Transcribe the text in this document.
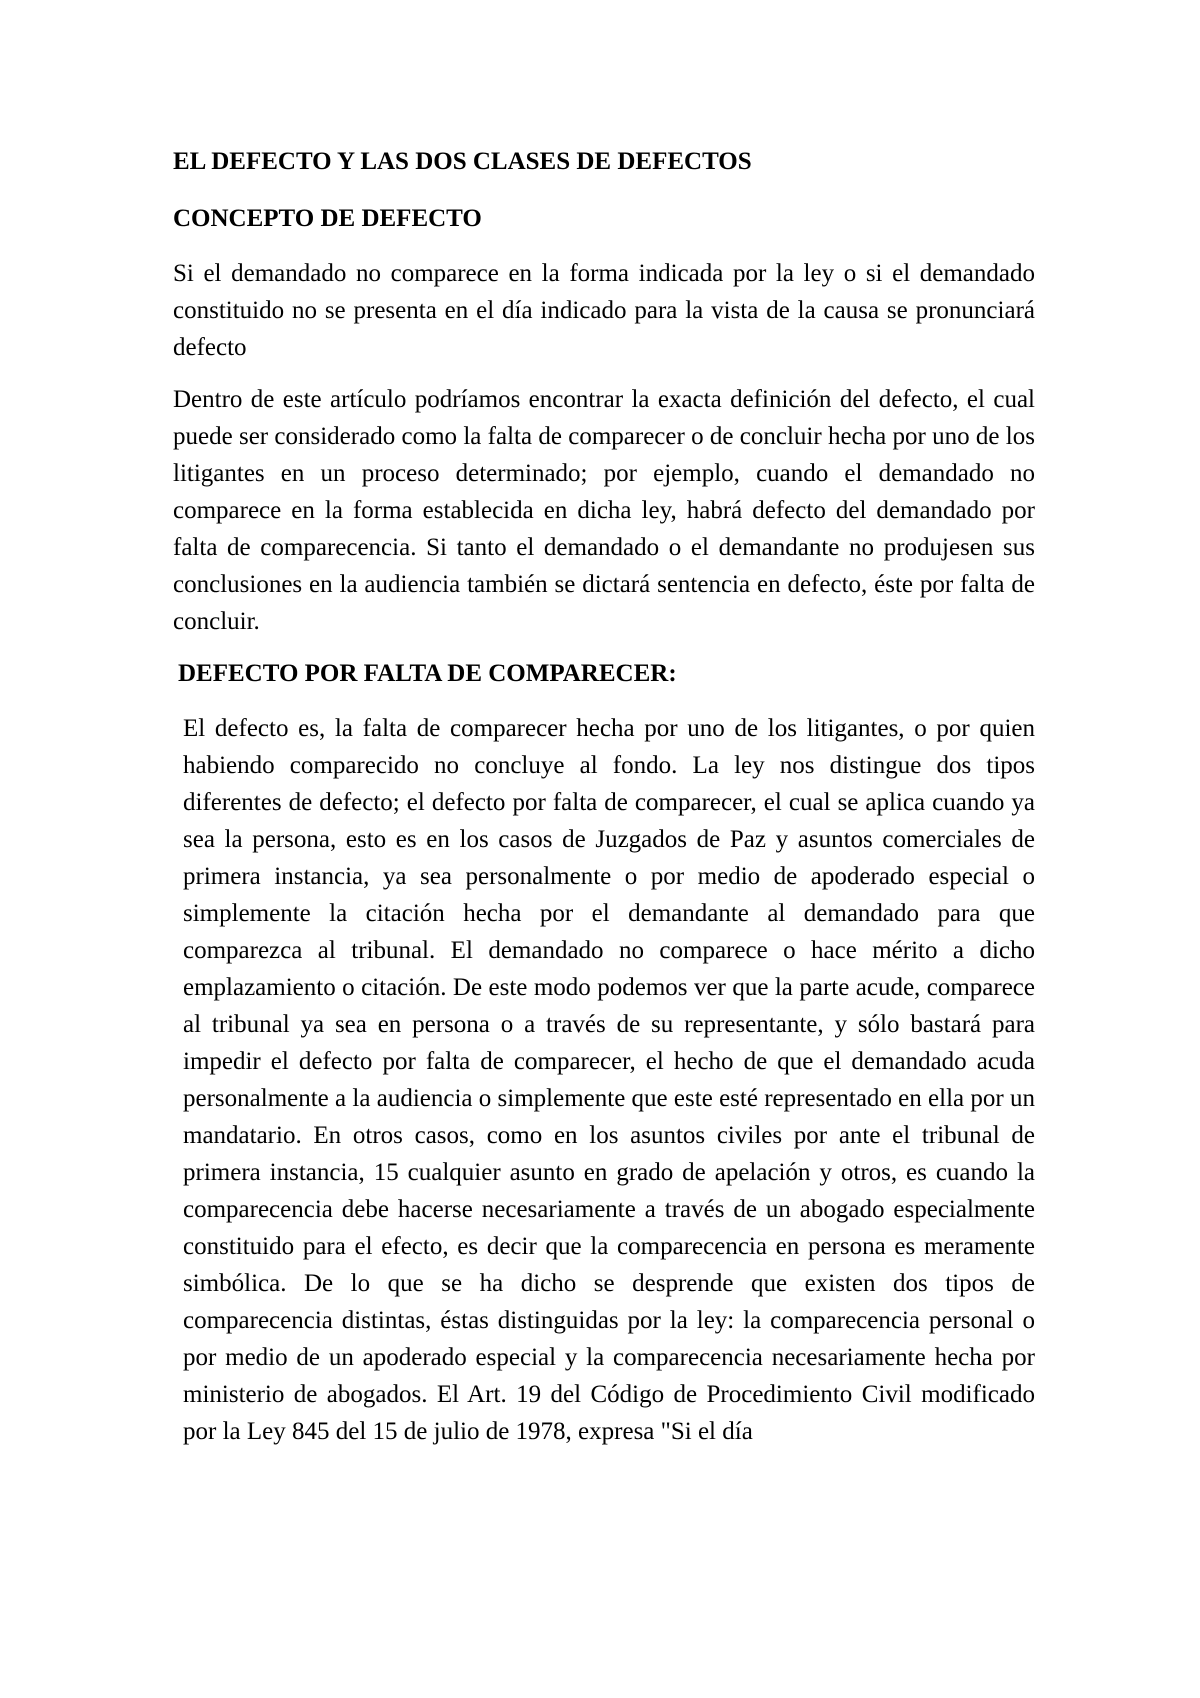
EL DEFECTO Y LAS DOS CLASES DE DEFECTOS

CONCEPTO DE DEFECTO

Si el demandado no comparece en la forma indicada por la ley o si el demandado constituido no se presenta en el día indicado para la vista de la causa se pronunciará defecto

Dentro de este artículo podríamos encontrar la exacta definición del defecto, el cual puede ser considerado como la falta de comparecer o de concluir hecha por uno de los litigantes en un proceso determinado; por ejemplo, cuando el demandado no comparece en la forma establecida en dicha ley, habrá defecto del demandado por falta de comparecencia. Si tanto el demandado o el demandante no produjesen sus conclusiones en la audiencia también se dictará sentencia en defecto, éste por falta de concluir.

DEFECTO POR FALTA DE COMPARECER:

El defecto es, la falta de comparecer hecha por uno de los litigantes, o por quien habiendo comparecido no concluye al fondo. La ley nos distingue dos tipos diferentes de defecto; el defecto por falta de comparecer, el cual se aplica cuando ya sea la persona, esto es en los casos de Juzgados de Paz y asuntos comerciales de primera instancia, ya sea personalmente o por medio de apoderado especial o simplemente la citación hecha por el demandante al demandado para que comparezca al tribunal. El demandado no comparece o hace mérito a dicho emplazamiento o citación. De este modo podemos ver que la parte acude, comparece al tribunal ya sea en persona o a través de su representante, y sólo bastará para impedir el defecto por falta de comparecer, el hecho de que el demandado acuda personalmente a la audiencia o simplemente que este esté representado en ella por un mandatario. En otros casos, como en los asuntos civiles por ante el tribunal de primera instancia, 15 cualquier asunto en grado de apelación y otros, es cuando la comparecencia debe hacerse necesariamente a través de un abogado especialmente constituido para el efecto, es decir que la comparecencia en persona es meramente simbólica. De lo que se ha dicho se desprende que existen dos tipos de comparecencia distintas, éstas distinguidas por la ley: la comparecencia personal o por medio de un apoderado especial y la comparecencia necesariamente hecha por ministerio de abogados. El Art. 19 del Código de Procedimiento Civil modificado por la Ley 845 del 15 de julio de 1978, expresa "Si el día
